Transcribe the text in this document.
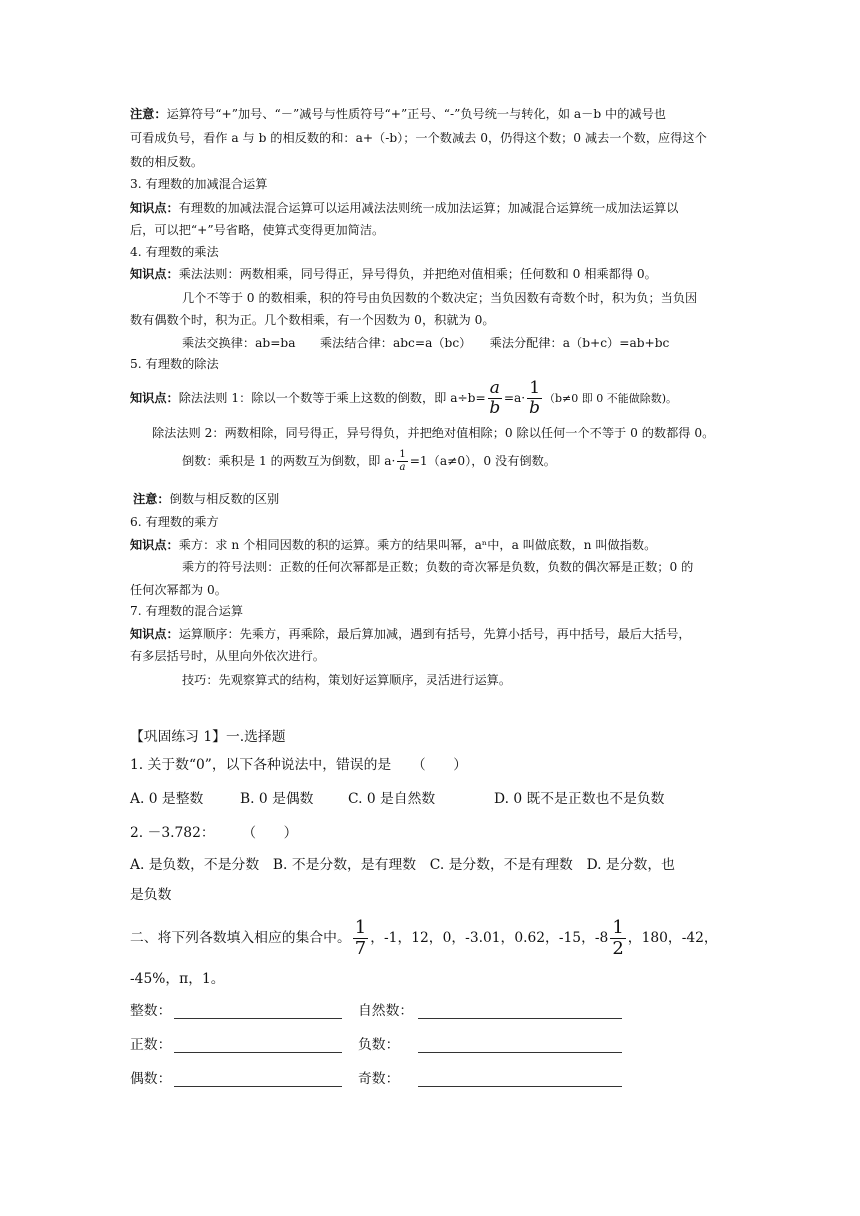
注意：运算符号“+”加号、“－”减号与性质符号“+”正号、“-”负号统一与转化，如 a－b 中的减号也
可看成负号，看作 a 与 b 的相反数的和：a+（-b）；一个数减去 0，仍得这个数；0 减去一个数，应得这个
数的相反数。
3. 有理数的加减混合运算
知识点：有理数的加减法混合运算可以运用减法法则统一成加法运算；加减混合运算统一成加法运算以
后，可以把“+”号省略，使算式变得更加简洁。
4. 有理数的乘法
知识点：乘法法则：两数相乘，同号得正，异号得负，并把绝对值相乘；任何数和 0 相乘都得 0。
几个不等于 0 的数相乘，积的符号由负因数的个数决定；当负因数有奇数个时，积为负；当负因
数有偶数个时，积为正。几个数相乘，有一个因数为 0，积就为 0。
乘法交换律：ab=ba　　乘法结合律：abc=a（bc）　　乘法分配律：a（b+c）=ab+bc
5. 有理数的除法
知识点：除法法则 1：除以一个数等于乘上这数的倒数，即 $a\div b= \frac{a}{b} =a\cdot \frac{1}{b} (b\ne 0$ 即 0 不能做除数)。
除法法则 2：两数相除，同号得正，异号得负，并把绝对值相除；0 除以任何一个不等于 0 的数都得 0。
倒数：乘积是 1 的两数互为倒数，即 $a\cdot \frac{1}{a} =1(a\ne 0)$，0 没有倒数。
注意：倒数与相反数的区别
6. 有理数的乘方
知识点：乘方：求 n 个相同因数的积的运算。乘方的结果叫幂，aⁿ中，a 叫做底数，n 叫做指数。
乘方的符号法则：正数的任何次幂都是正数；负数的奇次幂是负数，负数的偶次幂是正数；0 的
任何次幂都为 0。
7. 有理数的混合运算
知识点：运算顺序：先乘方，再乘除，最后算加减，遇到有括号，先算小括号，再中括号，最后大括号，
有多层括号时，从里向外依次进行。
技巧：先观察算式的结构，策划好运算顺序，灵活进行运算。
【巩固练习 1】一.选择题
1. 关于数“0”，以下各种说法中，错误的是　　（　　）
A. 0 是整数	B. 0 是偶数	C. 0 是自然数	D. 0 既不是正数也不是负数
2. －3.782：　　　（　　）
A. 是负数，不是分数　B. 不是分数，是有理数　C. 是分数，不是有理数　D. 是分数，也
是负数
二、将下列各数填入相应的集合中。 $\frac{1}{7}$ ，-1，12，0，-3.01，0.62，-15，$-8 \frac{1}{2}$ ，180，-42，
-45%，π，1。
整数：	自然数：
正数：	负数：
偶数：	奇数：
